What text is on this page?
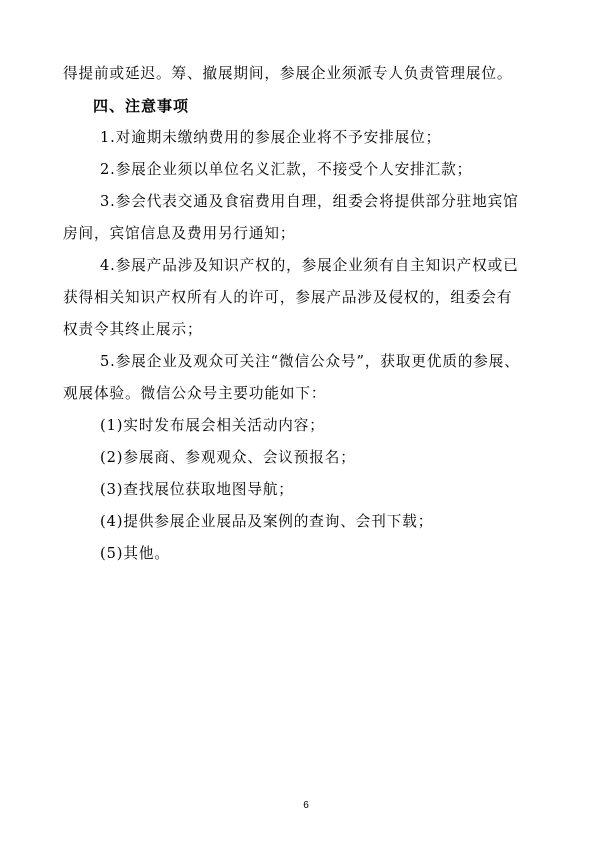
得提前或延迟。筹、撤展期间，参展企业须派专人负责管理展位。
四、注意事项
1.对逾期未缴纳费用的参展企业将不予安排展位；
2.参展企业须以单位名义汇款，不接受个人安排汇款；
3.参会代表交通及食宿费用自理，组委会将提供部分驻地宾馆
房间，宾馆信息及费用另行通知；
4.参展产品涉及知识产权的，参展企业须有自主知识产权或已
获得相关知识产权所有人的许可，参展产品涉及侵权的，组委会有
权责令其终止展示；
5.参展企业及观众可关注“微信公众号”，获取更优质的参展、
观展体验。微信公众号主要功能如下：
(1)实时发布展会相关活动内容；
(2)参展商、参观观众、会议预报名；
(3)查找展位获取地图导航；
(4)提供参展企业展品及案例的查询、会刊下载；
(5)其他。
6
